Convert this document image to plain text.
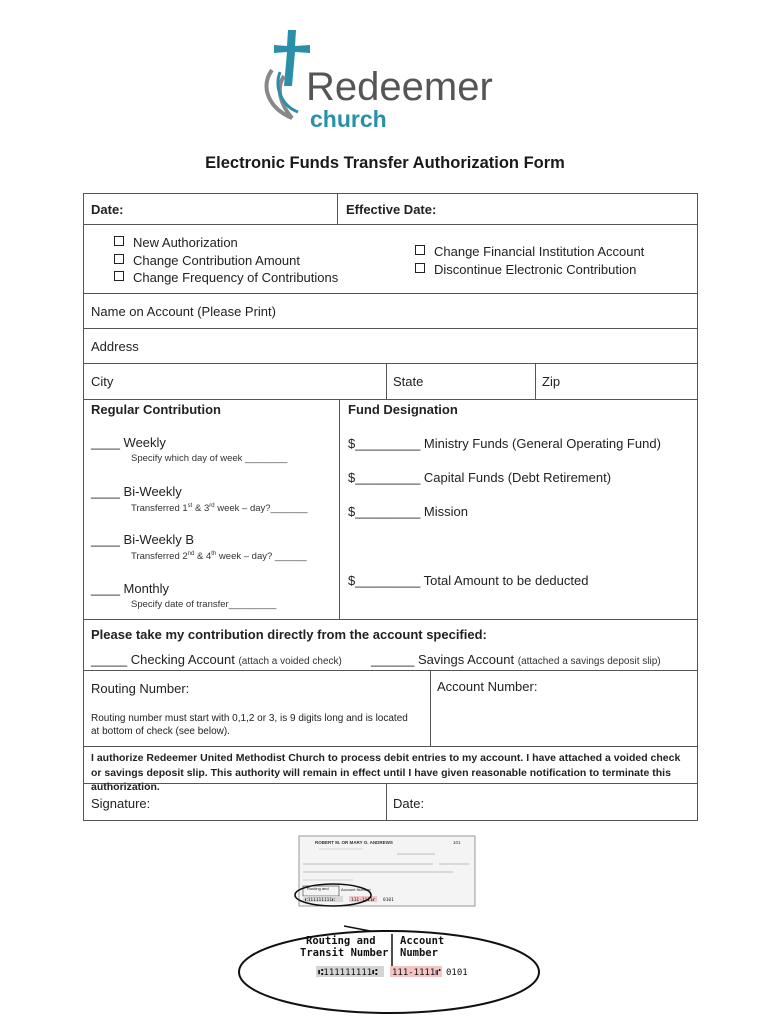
Redeemer
church
Electronic Funds Transfer Authorization Form
Date:	Effective Date:
New Authorization
Change Contribution Amount
Change Frequency of Contributions
Change Financial Institution Account
Discontinue Electronic Contribution
Name on Account (Please Print)
Address
City	State	Zip
Regular Contribution
____ Weekly
Specify which day of week ________
____ Bi-Weekly
Transferred 1st & 3rd week – day?_______
____ Bi-Weekly B
Transferred 2nd & 4th week – day? ______
____ Monthly
Specify date of transfer_________
Fund Designation
$_________ Ministry Funds (General Operating Fund)
$_________ Capital Funds (Debt Retirement)
$_________ Mission
$_________ Total Amount to be deducted
Please take my contribution directly from the account specified:
_____ Checking Account (attach a voided check) ______ Savings Account (attached a savings deposit slip)
Routing Number:
Routing number must start with 0,1,2 or 3, is 9 digits long and is located at bottom of check (see below).
Account Number:
I authorize Redeemer United Methodist Church to process debit entries to my account. I have attached a voided check or savings deposit slip. This authority will remain in effect until I have given reasonable notification to terminate this authorization.
Signature:	Date:
ROBERT M. OR MARY O. ANDREWS	101
Routing and	Account Number
⑆111111111⑆	111-1111⑈ 0101
Routing and
Transit Number
Account
Number
⑆111111111⑆ 111-1111⑈ 0101
